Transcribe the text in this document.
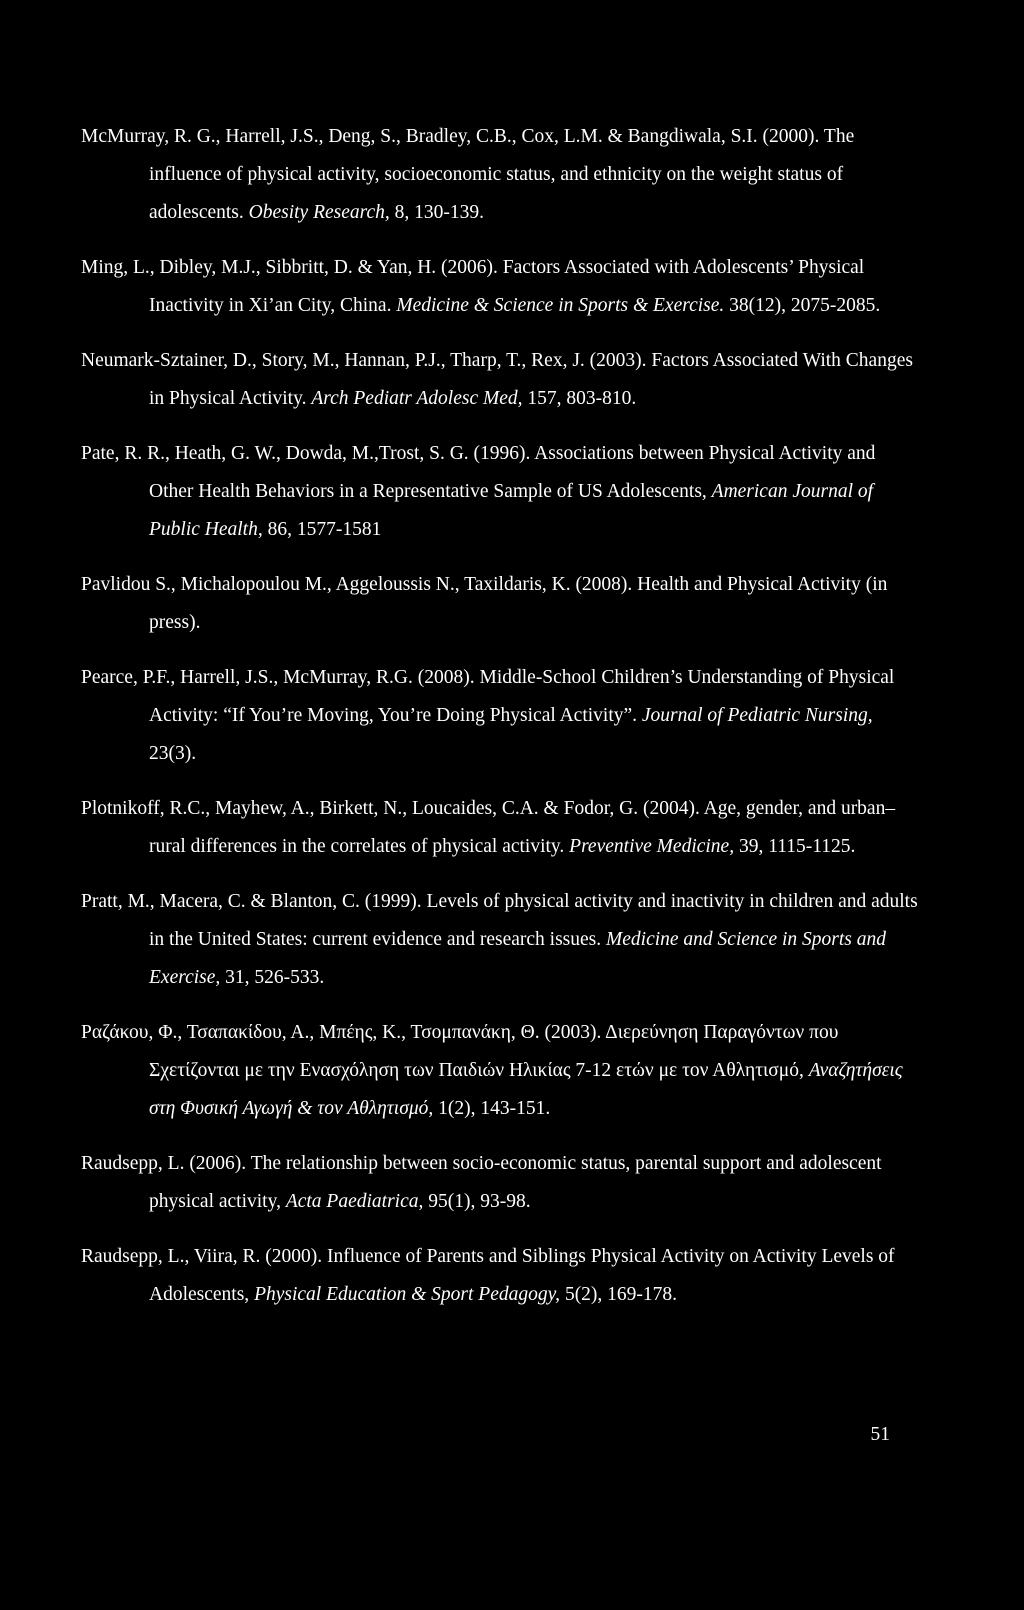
McMurray, R. G., Harrell, J.S., Deng, S., Bradley, C.B., Cox, L.M. & Bangdiwala, S.I. (2000). The influence of physical activity, socioeconomic status, and ethnicity on the weight status of adolescents. Obesity Research, 8, 130-139.

Ming, L., Dibley, M.J., Sibbritt, D. & Yan, H. (2006). Factors Associated with Adolescents’ Physical Inactivity in Xi’an City, China. Medicine & Science in Sports & Exercise. 38(12), 2075-2085.

Neumark-Sztainer, D., Story, M., Hannan, P.J., Tharp, T., Rex, J. (2003). Factors Associated With Changes in Physical Activity. Arch Pediatr Adolesc Med, 157, 803-810.

Pate, R. R., Heath, G. W., Dowda, M.,Trost, S. G. (1996). Associations between Physical Activity and Other Health Behaviors in a Representative Sample of US Adolescents, American Journal of Public Health, 86, 1577-1581

Pavlidou S., Michalopoulou M., Aggeloussis N., Taxildaris, K. (2008). Health and Physical Activity (in press).

Pearce, P.F., Harrell, J.S., McMurray, R.G. (2008). Middle-School Children’s Understanding of Physical Activity: “If You’re Moving, You’re Doing Physical Activity”. Journal of Pediatric Nursing, 23(3).

Plotnikoff, R.C., Mayhew, A., Birkett, N., Loucaides, C.A. & Fodor, G. (2004). Age, gender, and urban–rural differences in the correlates of physical activity. Preventive Medicine, 39, 1115-1125.

Pratt, M., Macera, C. & Blanton, C. (1999). Levels of physical activity and inactivity in children and adults in the United States: current evidence and research issues. Medicine and Science in Sports and Exercise, 31, 526-533.

Ραζάκου, Φ., Τσαπακίδου, Α., Μπέης, Κ., Τσομπανάκη, Θ. (2003). Διερεύνηση Παραγόντων που Σχετίζονται με την Ενασχόληση των Παιδιών Ηλικίας 7-12 ετών με τον Αθλητισμό, Αναζητήσεις στη Φυσική Αγωγή & τον Αθλητισμό, 1(2), 143-151.

Raudsepp, L. (2006). The relationship between socio-economic status, parental support and adolescent physical activity, Acta Paediatrica, 95(1), 93-98.

Raudsepp, L., Viira, R. (2000). Influence of Parents and Siblings Physical Activity on Activity Levels of Adolescents, Physical Education & Sport Pedagogy, 5(2), 169-178.

51
